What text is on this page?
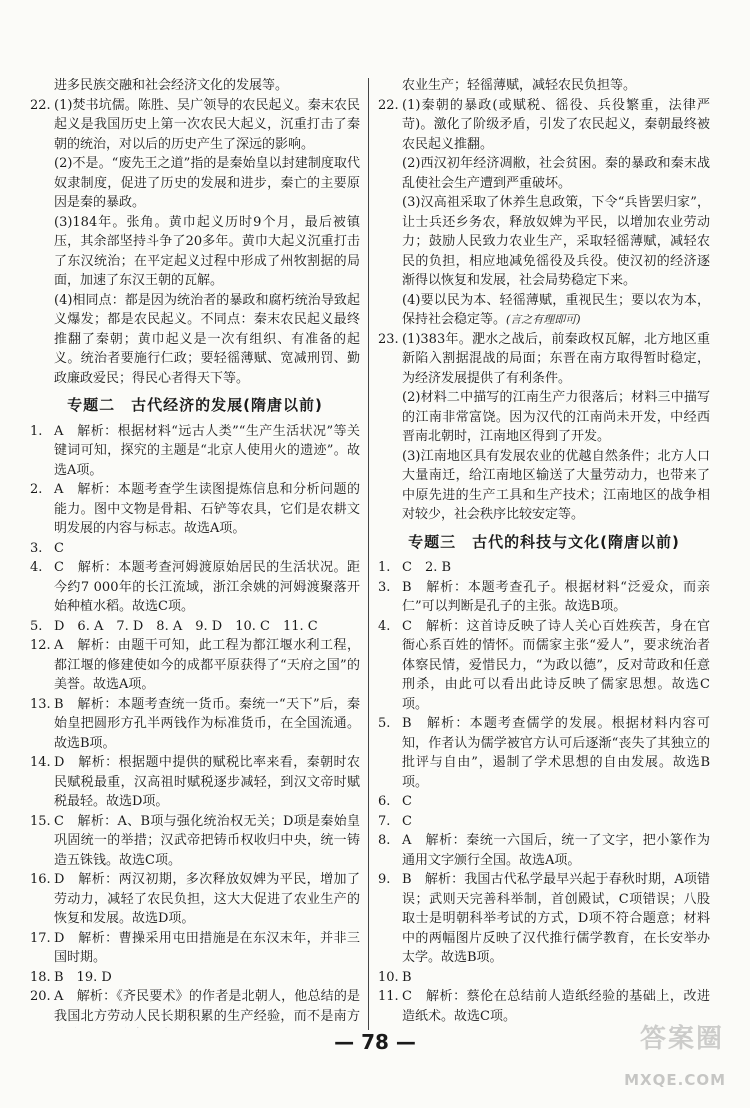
进多民族交融和社会经济文化的发展等。

22. (1)焚书坑儒。陈胜、吴广领导的农民起义。秦末农民起义是我国历史上第一次农民大起义，沉重打击了秦朝的统治，对以后的历史产生了深远的影响。

(2)不是。“废先王之道”指的是秦始皇以封建制度取代奴隶制度，促进了历史的发展和进步，秦亡的主要原因是秦的暴政。

(3)184年。张角。黄巾起义历时9个月，最后被镇压，其余部坚持斗争了20多年。黄巾大起义沉重打击了东汉统治；在平定起义过程中形成了州牧割据的局面，加速了东汉王朝的瓦解。

(4)相同点：都是因为统治者的暴政和腐朽统治导致起义爆发；都是农民起义。不同点：秦末农民起义最终推翻了秦朝；黄巾起义是一次有组织、有准备的起义。统治者要施行仁政；要轻徭薄赋、宽减刑罚、勤政廉政爱民；得民心者得天下等。

专题二　古代经济的发展(隋唐以前)

1. A　解析：根据材料“远古人类”“生产生活状况”等关键词可知，探究的主题是“北京人使用火的遗迹”。故选A项。

2. A　解析：本题考查学生读图提炼信息和分析问题的能力。图中文物是骨耜、石铲等农具，它们是农耕文明发展的内容与标志。故选A项。

3. C

4. C　解析：本题考查河姆渡原始居民的生活状况。距今约7 000年的长江流域，浙江余姚的河姆渡聚落开始种植水稻。故选C项。

5. D　6. A　7. D　8. A　9. D　10. C　11. C

12. A　解析：由题干可知，此工程为都江堰水利工程，都江堰的修建使如今的成都平原获得了“天府之国”的美誉。故选A项。

13. B　解析：本题考查统一货币。秦统一“天下”后，秦始皇把圆形方孔半两钱作为标准货币，在全国流通。故选B项。

14. D　解析：根据题中提供的赋税比率来看，秦朝时农民赋税最重，汉高祖时赋税逐步减轻，到汉文帝时赋税最轻。故选D项。

15. C　解析：A、B项与强化统治权无关；D项是秦始皇巩固统一的举措；汉武帝把铸币权收归中央，统一铸造五铢钱。故选C项。

16. D　解析：两汉初期，多次释放奴婢为平民，增加了劳动力，减轻了农民负担，这大大促进了农业生产的恢复和发展。故选D项。

17. D　解析：曹操采用屯田措施是在东汉末年，并非三国时期。

18. B　19. D

20. A　解析：《齐民要术》的作者是北朝人，他总结的是我国北方劳动人民长期积累的生产经验，而不是南方

农业生产；轻徭薄赋，减轻农民负担等。

22. (1)秦朝的暴政(或赋税、徭役、兵役繁重，法律严苛)。激化了阶级矛盾，引发了农民起义，秦朝最终被农民起义推翻。

(2)西汉初年经济凋敝，社会贫困。秦的暴政和秦末战乱使社会生产遭到严重破坏。

(3)汉高祖采取了休养生息政策，下令“兵皆罢归家”，让士兵还乡务农，释放奴婢为平民，以增加农业劳动力；鼓励人民致力农业生产，采取轻徭薄赋，减轻农民的负担，相应地减免徭役及兵役。使汉初的经济逐渐得以恢复和发展，社会局势稳定下来。

(4)要以民为本、轻徭薄赋，重视民生；要以农为本，保持社会稳定等。(言之有理即可)

23. (1)383年。淝水之战后，前秦政权瓦解，北方地区重新陷入割据混战的局面；东晋在南方取得暂时稳定，为经济发展提供了有利条件。

(2)材料二中描写的江南生产力很落后；材料三中描写的江南非常富饶。因为汉代的江南尚未开发，中经西晋南北朝时，江南地区得到了开发。

(3)江南地区具有发展农业的优越自然条件；北方人口大量南迁，给江南地区输送了大量劳动力，也带来了中原先进的生产工具和生产技术；江南地区的战争相对较少，社会秩序比较安定等。

专题三　古代的科技与文化(隋唐以前)

1. C　2. B

3. B　解析：本题考查孔子。根据材料“泛爱众，而亲仁”可以判断是孔子的主张。故选B项。

4. C　解析：这首诗反映了诗人关心百姓疾苦，身在官衙心系百姓的情怀。而儒家主张“爱人”，要求统治者体察民情，爱惜民力，“为政以德”，反对苛政和任意刑杀，由此可以看出此诗反映了儒家思想。故选C项。

5. B　解析：本题考查儒学的发展。根据材料内容可知，作者认为儒学被官方认可后逐渐“丧失了其独立的批评与自由”，遏制了学术思想的自由发展。故选B项。

6. C

7. C

8. A　解析：秦统一六国后，统一了文字，把小篆作为通用文字颁行全国。故选A项。

9. B　解析：我国古代私学最早兴起于春秋时期，A项错误；武则天完善科举制，首创殿试，C项错误；八股取士是明朝科举考试的方式，D项不符合题意；材料中的两幅图片反映了汉代推行儒学教育，在长安举办太学。故选B项。

10. B

11. C　解析：蔡伦在总结前人造纸经验的基础上，改进造纸术。故选C项。

— 78 —	答案圈
MXQE.COM
